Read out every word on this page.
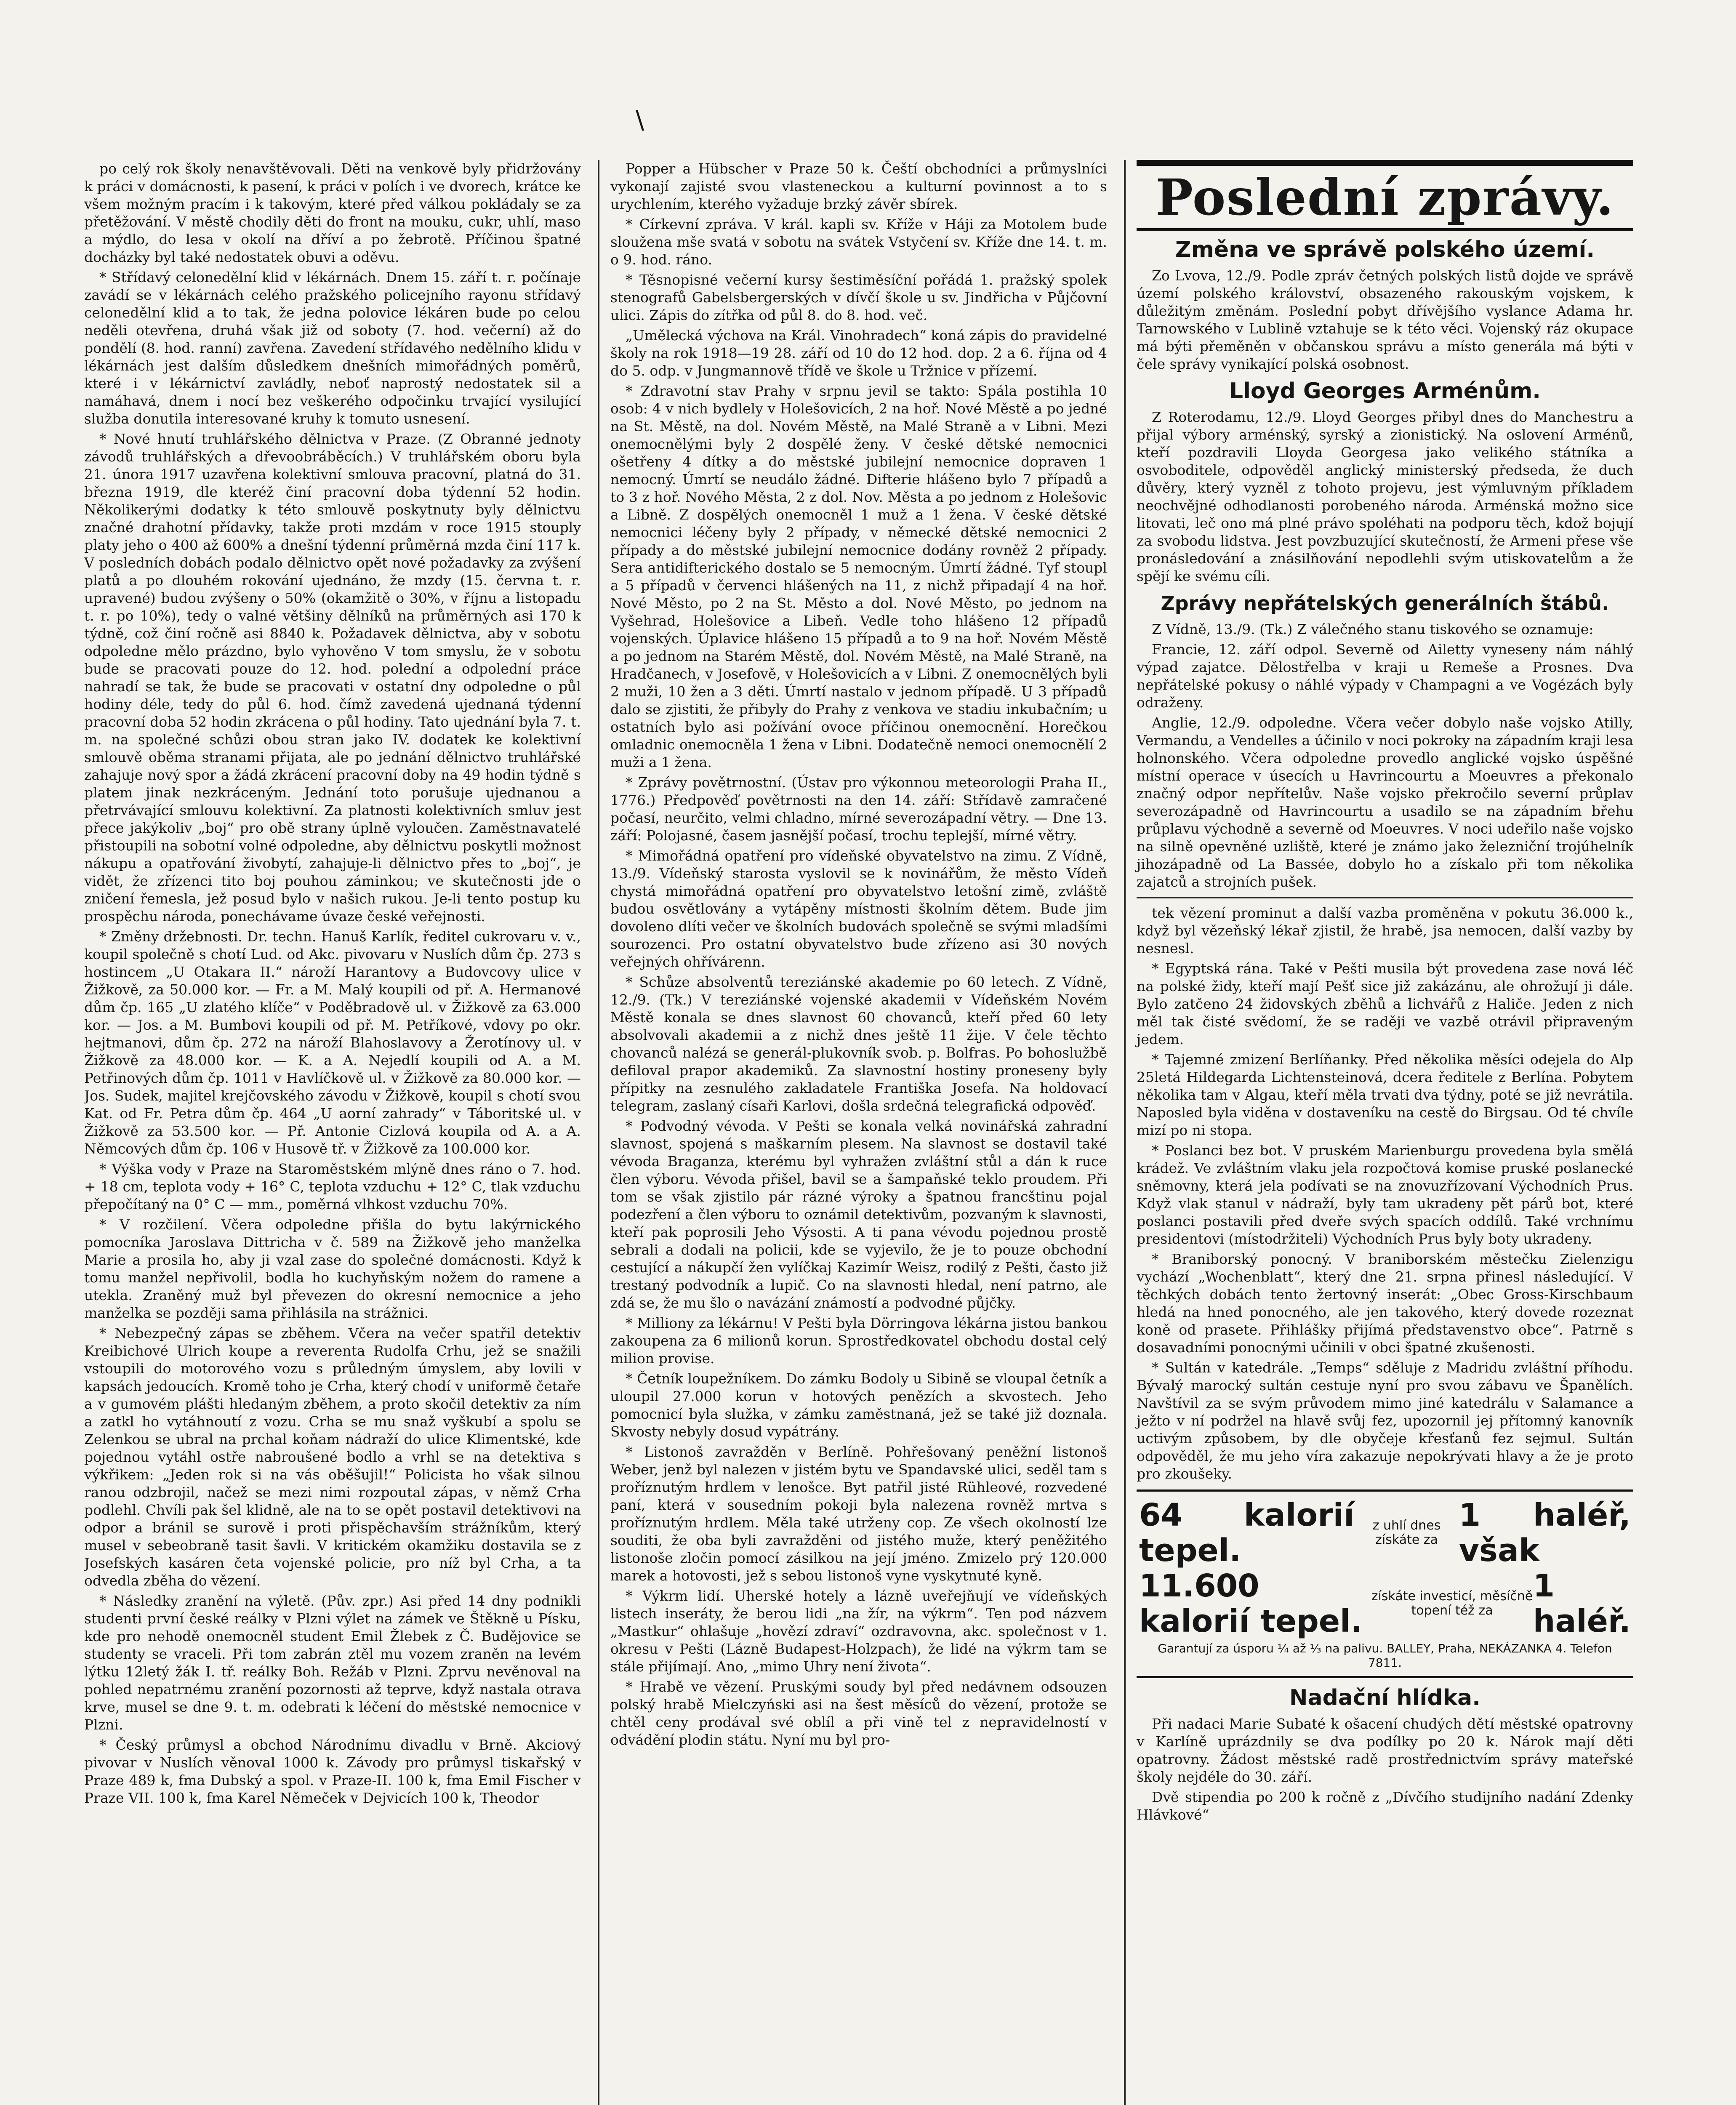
\

po celý rok školy nenavštěvovali. Děti na venkově byly přidržovány k práci v domácnosti, k pasení, k práci v polích i ve dvorech, krátce ke všem možným pracím i k takovým, které před válkou pokládaly se za přetěžování. V městě chodily děti do front na mouku, cukr, uhlí, maso a mýdlo, do lesa v okolí na dříví a po žebrotě. Příčinou špatné docházky byl také nedostatek obuvi a oděvu.

* Střídavý celonedělní klid v lékárnách. Dnem 15. září t. r. počínaje zavádí se v lékárnách celého pražského policejního rayonu střídavý celonedělní klid a to tak, že jedna polovice lékáren bude po celou neděli otevřena, druhá však již od soboty (7. hod. večerní) až do pondělí (8. hod. ranní) zavřena. Zavedení střídavého nedělního klidu v lékárnách jest dalším důsledkem dnešních mimořádných poměrů, které i v lékárnictví zavládly, neboť naprostý nedostatek sil a namáhavá, dnem i nocí bez veškerého odpočinku trvající vysilující služba donutila interesované kruhy k tomuto usnesení.

* Nové hnutí truhlářského dělnictva v Praze. (Z Obranné jednoty závodů truhlářských a dřevoobráběcích.) V truhlářském oboru byla 21. února 1917 uzavřena kolektivní smlouva pracovní, platná do 31. března 1919, dle kteréž činí pracovní doba týdenní 52 hodin. Několikerými dodatky k této smlouvě poskytnuty byly dělnictvu značné drahotní přídavky, takže proti mzdám v roce 1915 stouply platy jeho o 400 až 600% a dnešní týdenní průměrná mzda činí 117 k. V posledních dobách podalo dělnictvo opět nové požadavky za zvýšení platů a po dlouhém rokování ujednáno, že mzdy (15. června t. r. upravené) budou zvýšeny o 50% (okamžitě o 30%, v říjnu a listopadu t. r. po 10%), tedy o valné většiny dělníků na průměrných asi 170 k týdně, což činí ročně asi 8840 k. Požadavek dělnictva, aby v sobotu odpoledne mělo prázdno, bylo vyhověno V tom smyslu, že v sobotu bude se pracovati pouze do 12. hod. polední a odpolední práce nahradí se tak, že bude se pracovati v ostatní dny odpoledne o půl hodiny déle, tedy do půl 6. hod. čímž zavedená ujednaná týdenní pracovní doba 52 hodin zkrácena o půl hodiny. Tato ujednání byla 7. t. m. na společné schůzi obou stran jako IV. dodatek ke kolektivní smlouvě oběma stranami přijata, ale po jednání dělnictvo truhlářské zahajuje nový spor a žádá zkrácení pracovní doby na 49 hodin týdně s platem jinak nezkráceným. Jednání toto porušuje ujednanou a přetrvávající smlouvu kolektivní. Za platnosti kolektivních smluv jest přece jakýkoliv „boj“ pro obě strany úplně vyloučen. Zaměstnavatelé přistoupili na sobotní volné odpoledne, aby dělnictvu poskytli možnost nákupu a opatřování živobytí, zahajuje-li dělnictvo přes to „boj“, je vidět, že zřízenci tito boj pouhou záminkou; ve skutečnosti jde o zničení řemesla, jež posud bylo v našich rukou. Je-li tento postup ku prospěchu národa, ponechávame úvaze české veřejnosti.

* Změny držebnosti. Dr. techn. Hanuš Karlík, ředitel cukrovaru v. v., koupil společně s chotí Lud. od Akc. pivovaru v Nuslích dům čp. 273 s hostincem „U Otakara II.“ nároží Harantovy a Budovcovy ulice v Žižkově, za 50.000 kor. — Fr. a M. Malý koupili od př. A. Hermanové dům čp. 165 „U zlatého klíče“ v Poděbradově ul. v Žižkově za 63.000 kor. — Jos. a M. Bumbovi koupili od př. M. Petříkové, vdovy po okr. hejtmanovi, dům čp. 272 na nároží Blahoslavovy a Žerotínovy ul. v Žižkově za 48.000 kor. — K. a A. Nejedlí koupili od A. a M. Petřinových dům čp. 1011 v Havlíčkově ul. v Žižkově za 80.000 kor. — Jos. Sudek, majitel krejčovského závodu v Žižkově, koupil s chotí svou Kat. od Fr. Petra dům čp. 464 „U aorní zahrady“ v Táboritské ul. v Žižkově za 53.500 kor. — Př. Antonie Cizlová koupila od A. a A. Němcových dům čp. 106 v Husově tř. v Žižkově za 100.000 kor.

* Výška vody v Praze na Staroměstském mlýně dnes ráno o 7. hod. + 18 cm, teplota vody + 16° C, teplota vzduchu + 12° C, tlak vzduchu přepočítaný na 0° C — mm., poměrná vlhkost vzduchu 70%.

* V rozčilení. Včera odpoledne přišla do bytu lakýrnického pomocníka Jaroslava Dittricha v č. 589 na Žižkově jeho manželka Marie a prosila ho, aby ji vzal zase do společné domácnosti. Když k tomu manžel nepřivolil, bodla ho kuchyňským nožem do ramene a utekla. Zraněný muž byl převezen do okresní nemocnice a jeho manželka se později sama přihlásila na strážnici.

* Nebezpečný zápas se zběhem. Včera na večer spatřil detektiv Kreibichové Ulrich koupe a reverenta Rudolfa Crhu, jež se snažili vstoupili do motorového vozu s průledným úmyslem, aby lovili v kapsách jedoucích. Kromě toho je Crha, který chodí v uniformě četaře a v gumovém plášti hledaným zběhem, a proto skočil detektiv za ním a zatkl ho vytáhnoutí z vozu. Crha se mu snaž vyškubí a spolu se Zelenkou se ubral na prchal koňam nádraží do ulice Klimentské, kde pojednou vytáhl ostře nabroušené bodlo a vrhl se na detektiva s výkřikem: „Jeden rok si na vás oběšujil!“ Policista ho však silnou ranou odzbrojil, načež se mezi nimi rozpoutal zápas, v němž Crha podlehl. Chvíli pak šel klidně, ale na to se opět postavil detektivovi na odpor a bránil se surově i proti přispěchavším strážníkům, který musel v sebeobraně tasit šavli. V kritickém okamžiku dostavila se z Josefských kasáren četa vojenské policie, pro níž byl Crha, a ta odvedla zběha do vězení.

* Následky zranění na výletě. (Pův. zpr.) Asi před 14 dny podnikli studenti první české reálky v Plzni výlet na zámek ve Štěkně u Písku, kde pro nehodě onemocněl student Emil Žlebek z Č. Budějovice se studenty se vraceli. Při tom zabrán ztěl mu vozem zraněn na levém lýtku 12letý žák I. tř. reálky Boh. Režáb v Plzni. Zprvu nevěnoval na pohled nepatrnému zranění pozornosti až teprve, když nastala otrava krve, musel se dne 9. t. m. odebrati k léčení do městské nemocnice v Plzni.

* Český průmysl a obchod Národnímu divadlu v Brně. Akciový pivovar v Nuslích věnoval 1000 k. Závody pro průmysl tiskařský v Praze 489 k, fma Dubský a spol. v Praze-II. 100 k, fma Emil Fischer v Praze VII. 100 k, fma Karel Němeček v Dejvicích 100 k, Theodor

Popper a Hübscher v Praze 50 k. Čeští obchodníci a průmyslníci vykonají zajisté svou vlasteneckou a kulturní povinnost a to s urychlením, kterého vyžaduje brzký závěr sbírek.

* Církevní zpráva. V král. kapli sv. Kříže v Háji za Motolem bude sloužena mše svatá v sobotu na svátek Vstyčení sv. Kříže dne 14. t. m. o 9. hod. ráno.

* Těsnopisné večerní kursy šestiměsíční pořádá 1. pražský spolek stenografů Gabelsbergerských v dívčí škole u sv. Jindřicha v Půjčovní ulici. Zápis do zítřka od půl 8. do 8. hod. več.

„Umělecká výchova na Král. Vinohradech“ koná zápis do pravidelné školy na rok 1918—19 28. září od 10 do 12 hod. dop. 2 a 6. října od 4 do 5. odp. v Jungmannově třídě ve škole u Tržnice v přízemí.

* Zdravotní stav Prahy v srpnu jevil se takto: Spála postihla 10 osob: 4 v nich bydlely v Holešovicích, 2 na hoř. Nové Městě a po jedné na St. Městě, na dol. Novém Městě, na Malé Straně a v Libni. Mezi onemocnělými byly 2 dospělé ženy. V české dětské nemocnici ošetřeny 4 dítky a do městské jubilejní nemocnice dopraven 1 nemocný. Úmrtí se neudálo žádné. Difterie hlášeno bylo 7 případů a to 3 z hoř. Nového Města, 2 z dol. Nov. Města a po jednom z Holešovic a Libně. Z dospělých onemocněl 1 muž a 1 žena. V české dětské nemocnici léčeny byly 2 případy, v německé dětské nemocnici 2 případy a do městské jubilejní nemocnice dodány rovněž 2 případy. Sera antidifterického dostalo se 5 nemocným. Úmrtí žádné. Tyf stoupl a 5 případů v červenci hlášených na 11, z nichž připadají 4 na hoř. Nové Město, po 2 na St. Město a dol. Nové Město, po jednom na Vyšehrad, Holešovice a Libeň. Vedle toho hlášeno 12 případů vojenských. Úplavice hlášeno 15 případů a to 9 na hoř. Novém Městě a po jednom na Starém Městě, dol. Novém Městě, na Malé Straně, na Hradčanech, v Josefově, v Holešovicích a v Libni. Z onemocnělých byli 2 muži, 10 žen a 3 děti. Úmrtí nastalo v jednom případě. U 3 případů dalo se zjistiti, že přibyly do Prahy z venkova ve stadiu inkubačním; u ostatních bylo asi požívání ovoce příčinou onemocnění. Horečkou omladnic onemocněla 1 žena v Libni. Dodatečně nemoci onemocnělí 2 muži a 1 žena.

* Zprávy povětrnostní. (Ústav pro výkonnou meteorologii Praha II., 1776.) Předpověď povětrnosti na den 14. září: Střídavě zamračené počasí, neurčito, velmi chladno, mírné severozápadní větry. — Dne 13. září: Polojasné, časem jasnější počasí, trochu teplejší, mírné větry.

* Mimořádná opatření pro vídeňské obyvatelstvo na zimu. Z Vídně, 13./9. Vídeňský starosta vyslovil se k novinářům, že město Vídeň chystá mimořádná opatření pro obyvatelstvo letošní zimě, zvláště budou osvětlovány a vytápěny místnosti školním dětem. Bude jim dovoleno dlíti večer ve školních budovách společně se svými mladšími sourozenci. Pro ostatní obyvatelstvo bude zřízeno asi 30 nových veřejných ohřívárenn.

* Schůze absolventů tereziánské akademie po 60 letech. Z Vídně, 12./9. (Tk.) V tereziánské vojenské akademii v Vídeňském Novém Městě konala se dnes slavnost 60 chovanců, kteří před 60 lety absolvovali akademii a z nichž dnes ještě 11 žije. V čele těchto chovanců nalézá se generál-plukovník svob. p. Bolfras. Po bohoslužbě defiloval prapor akademiků. Za slavnostní hostiny proneseny byly přípitky na zesnulého zakladatele Františka Josefa. Na holdovací telegram, zaslaný císaři Karlovi, došla srdečná telegrafická odpověď.

* Podvodný vévoda. V Pešti se konala velká novinářská zahradní slavnost, spojená s maškarním plesem. Na slavnost se dostavil také vévoda Braganza, kterému byl vyhražen zvláštní stůl a dán k ruce člen výboru. Vévoda přišel, bavil se a šampaňské teklo proudem. Při tom se však zjistilo pár rázné výroky a špatnou francštinu pojal podezření a člen výboru to oznámil detektivům, pozvaným k slavnosti, kteří pak poprosili Jeho Výsosti. A ti pana vévodu pojednou prostě sebrali a dodali na policii, kde se vyjevilo, že je to pouze obchodní cestující a nákupčí žen vylíčkaj Kazimír Weisz, rodilý z Pešti, často již trestaný podvodník a lupič. Co na slavnosti hledal, není patrno, ale zdá se, že mu šlo o navázání známostí a podvodné půjčky.

* Milliony za lékárnu! V Pešti byla Dörringova lékárna jistou bankou zakoupena za 6 milionů korun. Sprostředkovatel obchodu dostal celý milion provise.

* Četník loupežníkem. Do zámku Bodoly u Sibině se vloupal četník a uloupil 27.000 korun v hotových penězích a skvostech. Jeho pomocnicí byla služka, v zámku zaměstnaná, jež se také již doznala. Skvosty nebyly dosud vypátrány.

* Listonoš zavražděn v Berlíně. Pohřešovaný peněžní listonoš Weber, jenž byl nalezen v jistém bytu ve Spandavské ulici, seděl tam s proříznutým hrdlem v lenošce. Byt patřil jisté Rühleové, rozvedené paní, která v sousedním pokoji byla nalezena rovněž mrtva s proříznutým hrdlem. Měla také utrženy cop. Ze všech okolností lze souditi, že oba byli zavražděni od jistého muže, který peněžitého listonoše zločin pomocí zásilkou na její jméno. Zmizelo prý 120.000 marek a hotovosti, jež s sebou listonoš vyne vyskytnuté kyně.

* Výkrm lidí. Uherské hotely a lázně uveřejňují ve vídeňských listech inseráty, že berou lidi „na žír, na výkrm“. Ten pod názvem „Mastkur“ ohlašuje „hovězí zdraví“ ozdravovna, akc. společnost v 1. okresu v Pešti (Lázně Budapest-Holzpach), že lidé na výkrm tam se stále přijímají. Ano, „mimo Uhry není života“.

* Hrabě ve vězení. Pruskými soudy byl před nedávnem odsouzen polský hrabě Mielczyński asi na šest měsíců do vězení, protože se chtěl ceny prodával své oblíl a při vině tel z nepravidelností v odvádění plodin státu. Nyní mu byl pro-

Poslední zprávy.
Změna ve správě polského území.

Zo Lvova, 12./9. Podle zpráv četných polských listů dojde ve správě území polského království, obsazeného rakouským vojskem, k důležitým změnám. Poslední pobyt dřívějšího vyslance Adama hr. Tarnowského v Lublině vztahuje se k této věci. Vojenský ráz okupace má býti přeměněn v občanskou správu a místo generála má býti v čele správy vynikající polská osobnost.

Lloyd Georges Arménům.

Z Roterodamu, 12./9. Lloyd Georges přibyl dnes do Manchestru a přijal výbory arménský, syrský a zionistický. Na oslovení Arménů, kteří pozdravili Lloyda Georgesa jako velikého státníka a osvoboditele, odpověděl anglický ministerský předseda, že duch důvěry, který vyzněl z tohoto projevu, jest výmluvným příkladem neochvějné odhodlanosti porobeného národa. Arménská možno sice litovati, leč ono má plné právo spoléhati na podporu těch, kdož bojují za svobodu lidstva. Jest povzbuzující skutečností, že Armeni přese vše pronásledování a znásilňování nepodlehli svým utiskovatelům a že spějí ke svému cíli.

Zprávy nepřátelských generálních štábů.

Z Vídně, 13./9. (Tk.) Z válečného stanu tiskového se oznamuje:

Francie, 12. září odpol. Severně od Ailetty vyneseny nám náhlý výpad zajatce. Dělostřelba v kraji u Remeše a Prosnes. Dva nepřátelské pokusy o náhlé výpady v Champagni a ve Vogézách byly odraženy.

Anglie, 12./9. odpoledne. Včera večer dobylo naše vojsko Atilly, Vermandu, a Vendelles a účinilo v noci pokroky na západním kraji lesa holnonského. Včera odpoledne provedlo anglické vojsko úspěšné místní operace v úsecích u Havrincourtu a Moeuvres a překonalo značný odpor nepřítelův. Naše vojsko překročilo severní průplav severozápadně od Havrincourtu a usadilo se na západním břehu průplavu východně a severně od Moeuvres. V noci udeřilo naše vojsko na silně opevněné uzliště, které je známo jako železniční trojúhelník jihozápadně od La Bassée, dobylo ho a získalo při tom několika zajatců a strojních pušek.

tek vězení prominut a další vazba proměněna v pokutu 36.000 k., když byl vězeňský lékař zjistil, že hrabě, jsa nemocen, další vazby by nesnesl.

* Egyptská rána. Také v Pešti musila být provedena zase nová léč na polské židy, kteří mají Pešť sice již zakázánu, ale ohrožují ji dále. Bylo zatčeno 24 židovských zběhů a lichvářů z Haliče. Jeden z nich měl tak čisté svědomí, že se raději ve vazbě otrávil připraveným jedem.

* Tajemné zmizení Berlíňanky. Před několika měsíci odejela do Alp 25letá Hildegarda Lichtensteinová, dcera ředitele z Berlína. Pobytem několika tam v Algau, kteří měla trvati dva týdny, poté se již nevrátila. Naposled byla viděna v dostaveníku na cestě do Birgsau. Od té chvíle mizí po ni stopa.

* Poslanci bez bot. V pruském Marienburgu provedena byla smělá krádež. Ve zvláštním vlaku jela rozpočtová komise pruské poslanecké sněmovny, která jela podívati se na znovuzřízovaní Východních Prus. Když vlak stanul v nádraží, byly tam ukradeny pět párů bot, které poslanci postavili před dveře svých spacích oddílů. Také vrchnímu presidentovi (místodržiteli) Východních Prus byly boty ukradeny.

* Braniborský ponocný. V braniborském městečku Zielenzigu vychází „Wochenblatt“, který dne 21. srpna přinesl následující. V těchkých dobách tento žertovný inserát: „Obec Gross-Kirschbaum hledá na hned ponocného, ale jen takového, který dovede rozeznat koně od prasete. Přihlášky přijímá představenstvo obce“. Patrně s dosavadními ponocnými učinili v obci špatné zkušenosti.

* Sultán v katedrále. „Temps“ sděluje z Madridu zvláštní příhodu. Bývalý marocký sultán cestuje nyní pro svou zábavu ve Španělích. Navštívil za se svým průvodem mimo jiné katedrálu v Salamance a ježto v ní podržel na hlavě svůj fez, upozornil jej přítomný kanovník uctivým způsobem, by dle obyčeje křesťanů fez sejmul. Sultán odpověděl, že mu jeho víra zakazuje nepokrývati hlavy a že je proto pro zkoušeky.

64 kalorií tepel.
z uhlí dnes získáte za
1 haléř, však
11.600 kalorií tepel.
získáte investicí, měsíčně topení též za
1 haléř.
Garantují za úsporu ¼ až ⅓ na palivu. BALLEY, Praha, NEKÁZANKA 4. Telefon 7811.
Nadační hlídka.

Při nadaci Marie Subaté k ošacení chudých dětí městské opatrovny v Karlíně uprázdnily se dva podílky po 20 k. Nárok mají děti opatrovny. Žádost městské radě prostřednictvím správy mateřské školy nejdéle do 30. září.

Dvě stipendia po 200 k ročně z „Dívčího studijního nadání Zdenky Hlávkové“
